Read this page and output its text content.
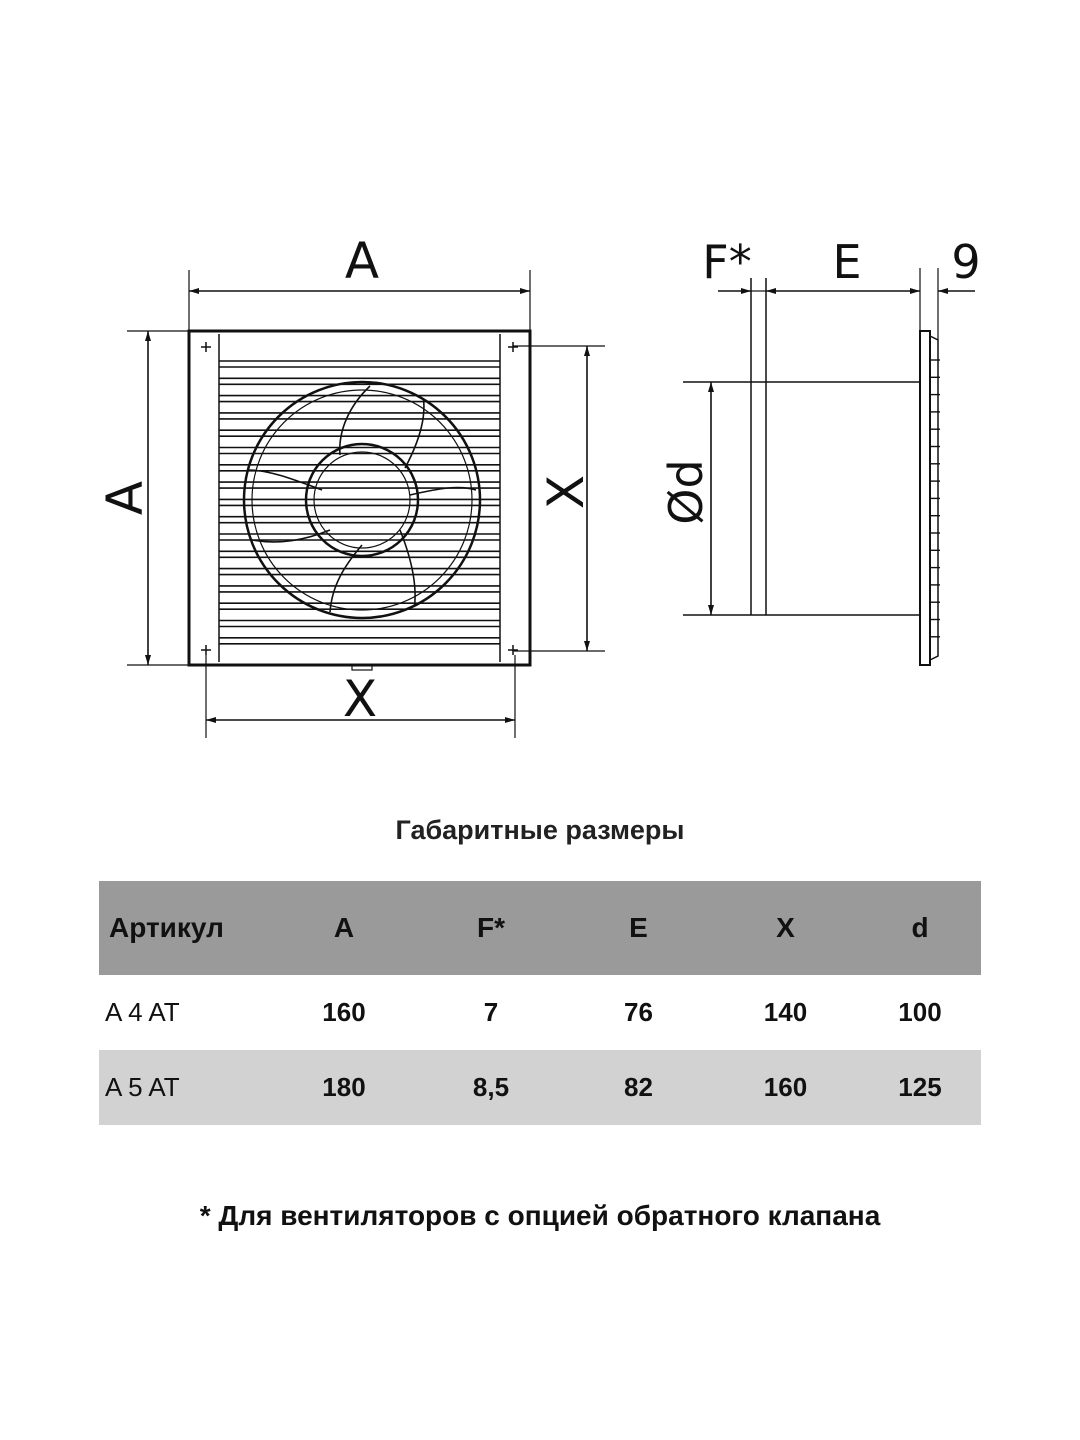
A
A
X
X
F* E 9
Ød
Габаритные размеры
Артикул	A	F*	E	X	d
A 4 AT	160	7	76	140	100
A 5 AT	180	8,5	82	160	125
* Для вентиляторов с опцией обратного клапана
